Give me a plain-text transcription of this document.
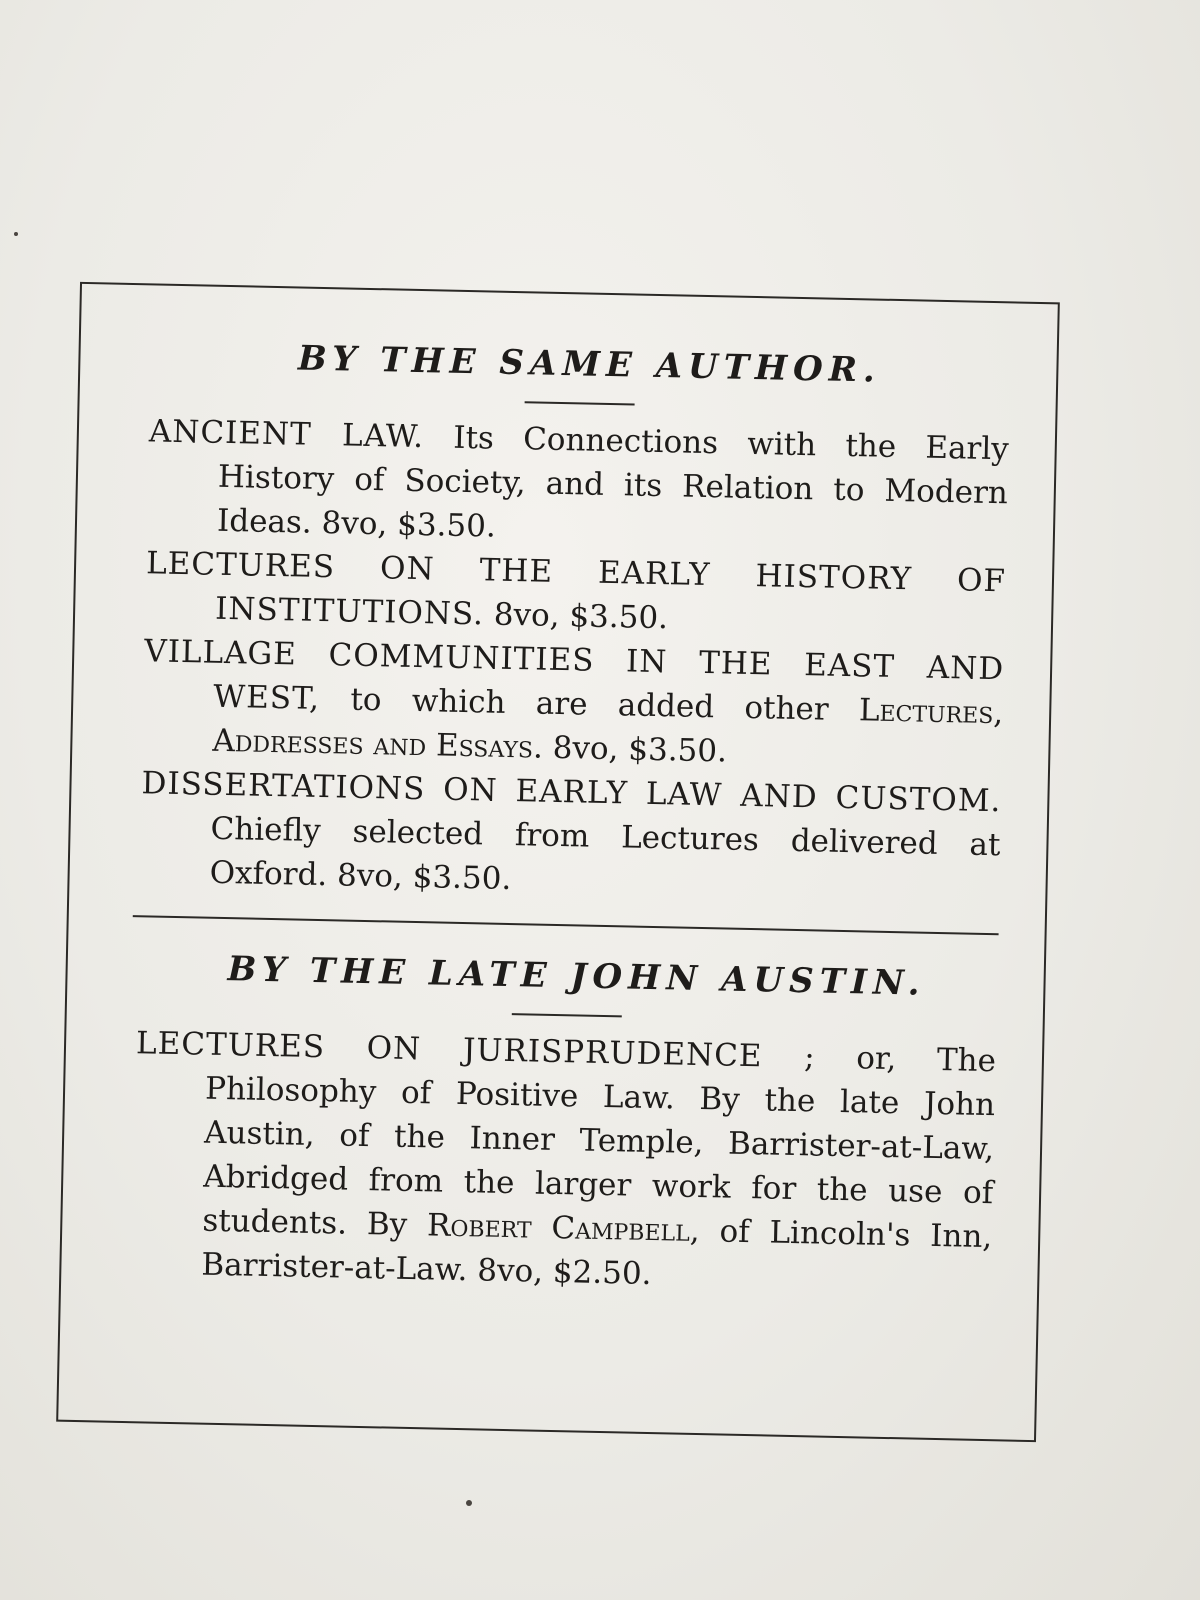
BY THE SAME AUTHOR.

ANCIENT LAW. Its Connections with the Early History of Society, and its Relation to Modern Ideas. 8vo, $3.50.

LECTURES ON THE EARLY HISTORY OF INSTITUTIONS. 8vo, $3.50.

VILLAGE COMMUNITIES IN THE EAST AND WEST, to which are added other Lectures, Addresses and Essays. 8vo, $3.50.

DISSERTATIONS ON EARLY LAW AND CUSTOM. Chiefly selected from Lectures delivered at Oxford. 8vo, $3.50.

BY THE LATE JOHN AUSTIN.

LECTURES ON JURISPRUDENCE ; or, The Philosophy of Positive Law. By the late John Austin, of the Inner Temple, Barrister-at-Law, Abridged from the larger work for the use of students. By Robert Campbell, of Lincoln's Inn, Barrister-at-Law. 8vo, $2.50.
